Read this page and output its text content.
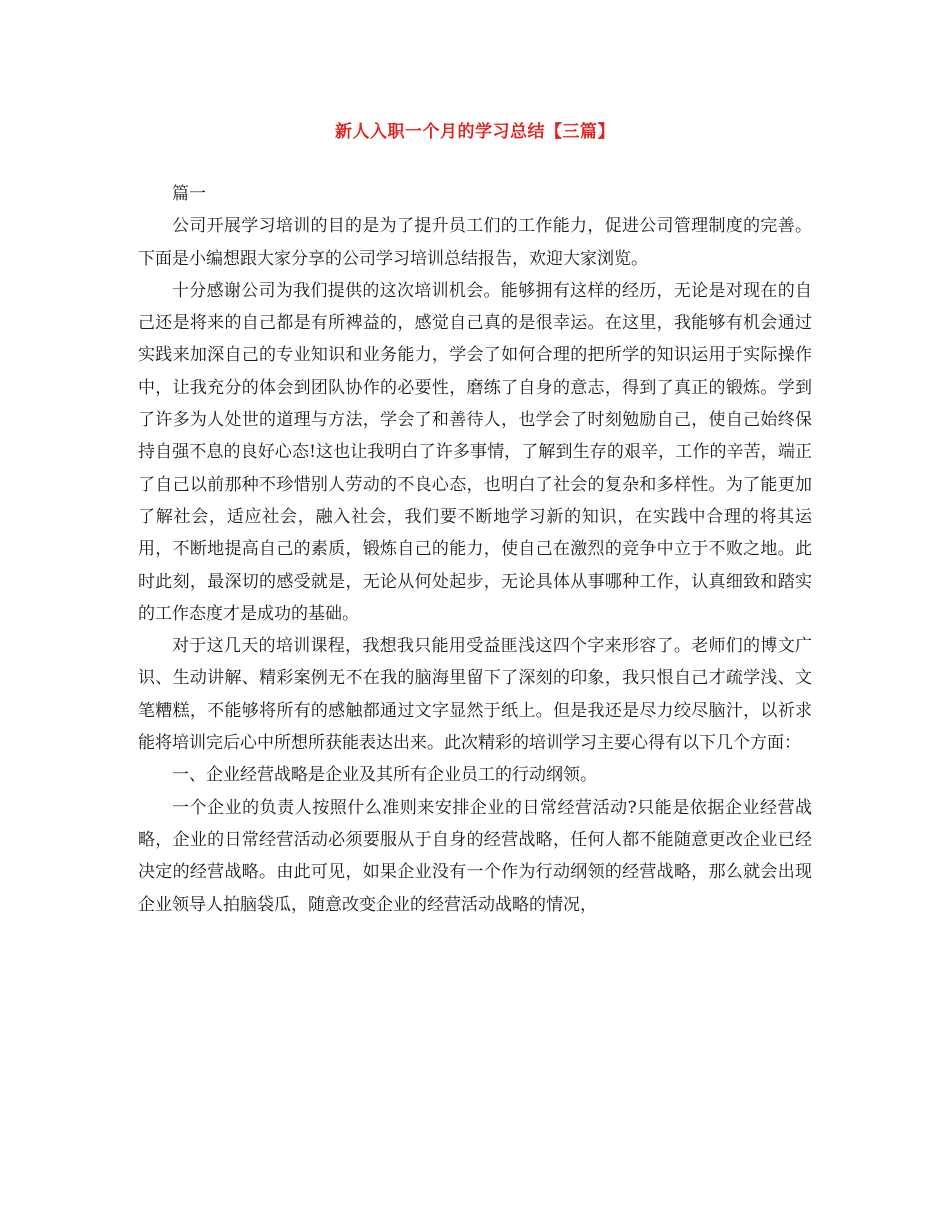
新人入职一个月的学习总结【三篇】

篇一

公司开展学习培训的目的是为了提升员工们的工作能力，促进公司管理制度的完善。下面是小编想跟大家分享的公司学习培训总结报告，欢迎大家浏览。

十分感谢公司为我们提供的这次培训机会。能够拥有这样的经历，无论是对现在的自己还是将来的自己都是有所裨益的，感觉自己真的是很幸运。在这里，我能够有机会通过实践来加深自己的专业知识和业务能力，学会了如何合理的把所学的知识运用于实际操作中，让我充分的体会到团队协作的必要性，磨练了自身的意志，得到了真正的锻炼。学到了许多为人处世的道理与方法，学会了和善待人，也学会了时刻勉励自己，使自己始终保持自强不息的良好心态!这也让我明白了许多事情，了解到生存的艰辛，工作的辛苦，端正了自己以前那种不珍惜别人劳动的不良心态，也明白了社会的复杂和多样性。为了能更加了解社会，适应社会，融入社会，我们要不断地学习新的知识，在实践中合理的将其运用，不断地提高自己的素质，锻炼自己的能力，使自己在激烈的竞争中立于不败之地。此时此刻，最深切的感受就是，无论从何处起步，无论具体从事哪种工作，认真细致和踏实的工作态度才是成功的基础。

对于这几天的培训课程，我想我只能用受益匪浅这四个字来形容了。老师们的博文广识、生动讲解、精彩案例无不在我的脑海里留下了深刻的印象，我只恨自己才疏学浅、文笔糟糕，不能够将所有的感触都通过文字显然于纸上。但是我还是尽力绞尽脑汁，以祈求能将培训完后心中所想所获能表达出来。此次精彩的培训学习主要心得有以下几个方面：

一、企业经营战略是企业及其所有企业员工的行动纲领。

一个企业的负责人按照什么准则来安排企业的日常经营活动?只能是依据企业经营战略，企业的日常经营活动必须要服从于自身的经营战略，任何人都不能随意更改企业已经决定的经营战略。由此可见，如果企业没有一个作为行动纲领的经营战略，那么就会出现企业领导人拍脑袋瓜，随意改变企业的经营活动战略的情况，
